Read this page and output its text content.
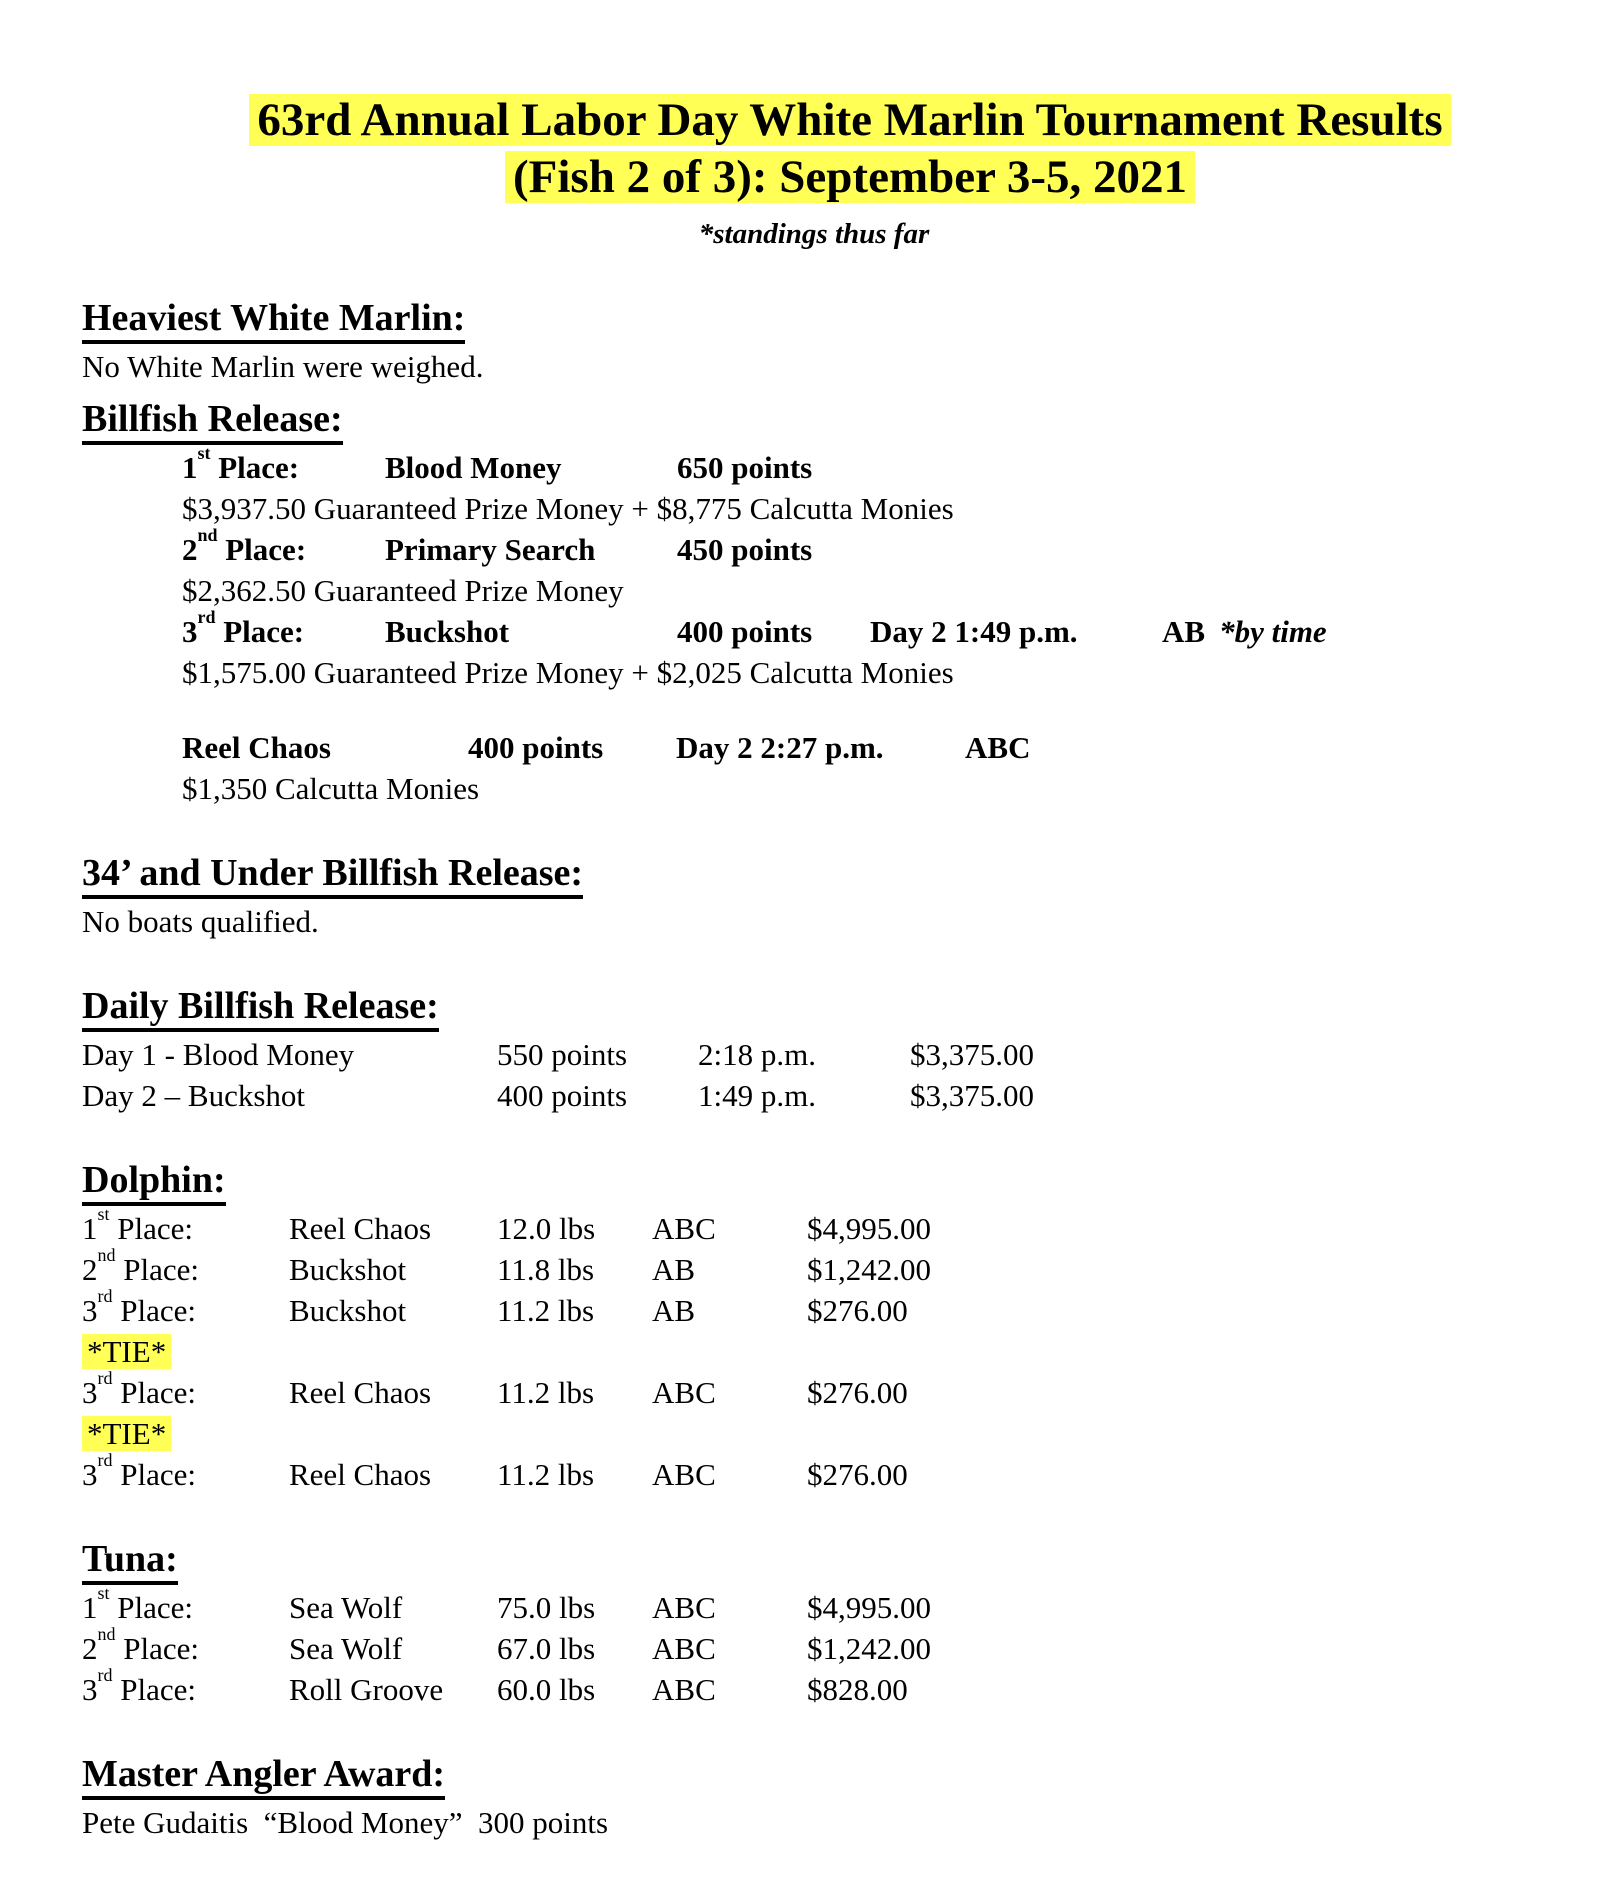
63rd Annual Labor Day White Marlin Tournament Results
(Fish 2 of 3): September 3-5, 2021
*standings thus far
Heaviest White Marlin:
No White Marlin were weighed.
Billfish Release:
1st Place:	Blood Money	650 points
$3,937.50 Guaranteed Prize Money + $8,775 Calcutta Monies
2nd Place:	Primary Search	450 points
$2,362.50 Guaranteed Prize Money
3rd Place:	Buckshot	400 points	Day 2 1:49 p.m.	AB *by time
$1,575.00 Guaranteed Prize Money + $2,025 Calcutta Monies
Reel Chaos	400 points	Day 2 2:27 p.m.	ABC
$1,350 Calcutta Monies
34’ and Under Billfish Release:
No boats qualified.
Daily Billfish Release:
Day 1 - Blood Money	550 points	2:18 p.m.	$3,375.00
Day 2 – Buckshot	400 points	1:49 p.m.	$3,375.00
Dolphin:
1st Place:	Reel Chaos	12.0 lbs	ABC	$4,995.00
2nd Place:	Buckshot	11.8 lbs	AB	$1,242.00
3rd Place:	Buckshot	11.2 lbs	AB	$276.00
*TIE*
3rd Place:	Reel Chaos	11.2 lbs	ABC	$276.00
*TIE*
3rd Place:	Reel Chaos	11.2 lbs	ABC	$276.00
Tuna:
1st Place:	Sea Wolf	75.0 lbs	ABC	$4,995.00
2nd Place:	Sea Wolf	67.0 lbs	ABC	$1,242.00
3rd Place:	Roll Groove	60.0 lbs	ABC	$828.00
Master Angler Award:
Pete Gudaitis  “Blood Money”  300 points
